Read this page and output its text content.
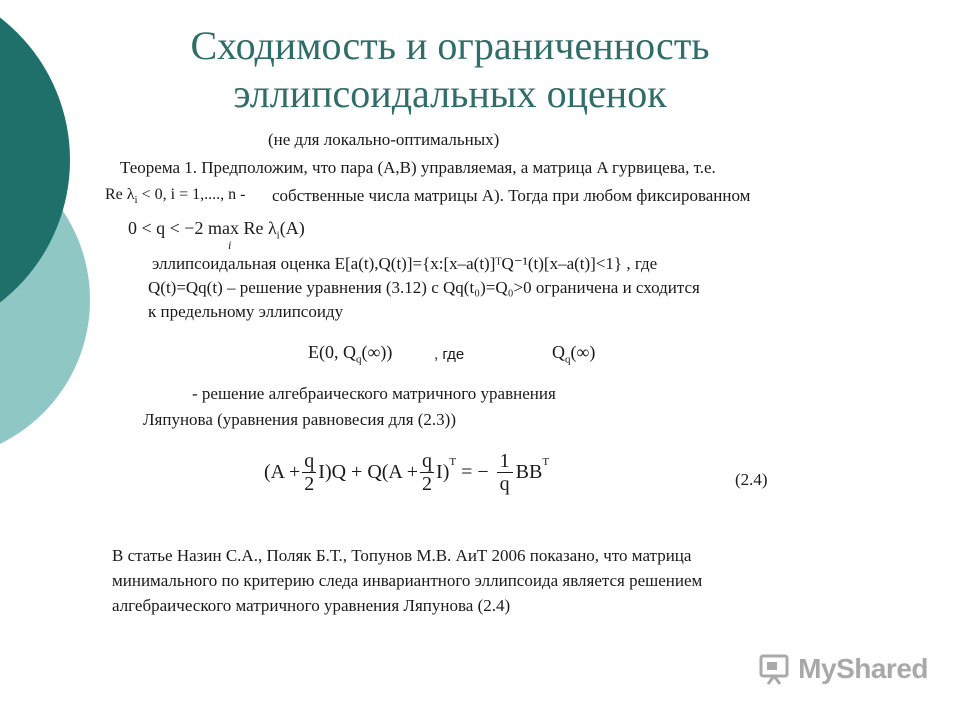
Сходимость и ограниченность
эллипсоидальных оценок
(не для локально-оптимальных)
Теорема 1. Предположим, что пара (A,B) управляемая, а матрица A гурвицева, т.е.
Re $\lambda_i < 0$, i = 1,...., n - собственные числа матрицы A). Тогда при любом фиксированном
0 < q < −2 max Re $\lambda_i(A)$
i
эллипсоидальная оценка E[a(t),Q(t)]={x:[x–a(t)]ᵀQ⁻¹(t)[x–a(t)]<1} , где
Q(t)=Qq(t) – решение уравнения (3.12) с Qq(t₀)=Q₀>0 ограничена и сходится
к предельному эллипсоиду
E(0, $Q_q(\infty)$)	, где	$Q_q(\infty)$
- решение алгебраического матричного уравнения
Ляпунова (уравнения равновесия для (2.3))
$(A + \frac{q}{2} I)Q + Q(A + \frac{q}{2} I)^T$ = − $\frac{1}{q} BB^T$
(2.4)
В статье Назин С.А., Поляк Б.Т., Топунов М.В. АиТ 2006 показано, что матрица
минимального по критерию следа инвариантного эллипсоида является решением
алгебраического матричного уравнения Ляпунова (2.4)
MyShared
